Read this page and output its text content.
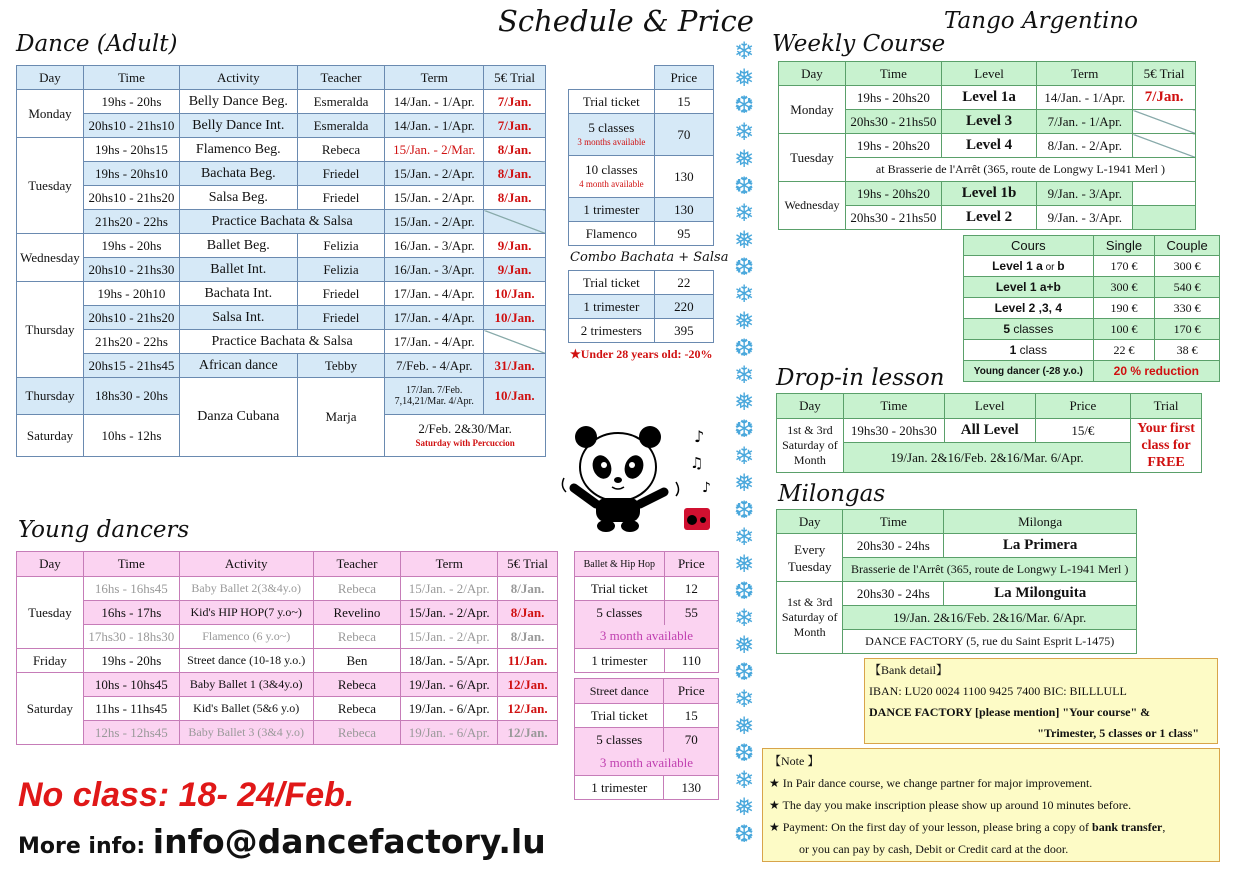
Schedule & Price	Tango Argentino
Dance (Adult)	Weekly Course
Drop-in lesson
Milongas
Young dancers
Day	Time	Activity	Teacher	Term	5€ Trial
Monday	19hs - 20hs	Belly Dance Beg.	Esmeralda	14/Jan. - 1/Apr.	7/Jan.
	20hs10 - 21hs10	Belly Dance Int.	Esmeralda	14/Jan. - 1/Apr.	7/Jan.
Tuesday	19hs - 20hs15	Flamenco Beg.	Rebeca	15/Jan. - 2/Mar.	8/Jan.
	19hs - 20hs10	Bachata Beg.	Friedel	15/Jan. - 2/Apr.	8/Jan.
	20hs10 - 21hs20	Salsa Beg.	Friedel	15/Jan. - 2/Apr.	8/Jan.
	21hs20 - 22hs	Practice Bachata & Salsa		15/Jan. - 2/Apr.	
Wednesday	19hs - 20hs	Ballet Beg.	Felizia	16/Jan. - 3/Apr.	9/Jan.
	20hs10 - 21hs30	Ballet Int.	Felizia	16/Jan. - 3/Apr.	9/Jan.
Thursday	19hs - 20h10	Bachata Int.	Friedel	17/Jan. - 4/Apr.	10/Jan.
	20hs10 - 21hs20	Salsa Int.	Friedel	17/Jan. - 4/Apr.	10/Jan.
	21hs20 - 22hs	Practice Bachata & Salsa		17/Jan. - 4/Apr.	
	20hs15 - 21hs45	African dance	Tebby	7/Feb. - 4/Apr.	31/Jan.
Thursday	18hs30 - 20hs	Danza Cubana	Marja	17/Jan. 7/Feb. 7,14,21/Mar. 4/Apr.	10/Jan.
Saturday	10hs - 12hs			2/Feb. 2&30/Mar.
Saturday with Percuccion	
	Price
Trial ticket	15

5 classes
3 months available	70

10 classes
4 month available	130
1 trimester	130
Flamenco	95
Combo Bachata + Salsa
Trial ticket	22
1 trimester	220
2 trimesters	395
★Under 28 years old: -20%
❄
❅
❆
❄
❅
❆
❄
❅
❆
❄
❅
❆
❄
❅
❆
❄
❅
❆
❄
❅
❆
❄
❅
❆
❄
❅
❆
❄
❅
❆
♪
♫
♪
Day	Time	Level	Term	5€ Trial
Monday	19hs - 20hs20	Level 1a	14/Jan. - 1/Apr.	7/Jan.
	20hs30 - 21hs50	Level 3	7/Jan. - 1/Apr.	
Tuesday	19hs - 20hs20	Level 4	8/Jan. - 2/Apr.	
	at Brasserie de l'Arrêt (365, route de Longwy L-1941 Merl )			
Wednesday	19hs - 20hs20	Level 1b	9/Jan. - 3/Apr.	
	20hs30 - 21hs50	Level 2	9/Jan. - 3/Apr.	
Cours	Single	Couple
Level 1 a or b	170 €	300 €
Level 1 a+b	300 €	540 €
Level 2 ,3, 4	190 €	330 €
5 classes	100 €	170 €
1 class	22 €	38 €
Young dancer (-28 y.o.)	20 % reduction	
Day	Time	Level	Price	Trial
1st & 3rd Saturday of Month	19hs30 - 20hs30	All Level	15/€	Your first class for FREE
	19/Jan. 2&16/Feb. 2&16/Mar. 6/Apr.			
Day	Time	Milonga
Every Tuesday	20hs30 - 24hs	La Primera
	Brasserie de l'Arrêt (365, route de Longwy L-1941 Merl )	
1st & 3rd Saturday of Month	20hs30 - 24hs	La Milonguita
	19/Jan. 2&16/Feb. 2&16/Mar. 6/Apr.	
	DANCE FACTORY (5, rue du Saint Esprit L-1475)	
【Bank detail】
IBAN: LU20 0024 1100 9425 7400 BIC: BILLLULL
DANCE FACTORY [please mention] "Your course" &
"Trimester, 5 classes or 1 class"
【Note 】
★ In Pair dance course, we change partner for major improvement.
★ The day you make inscription please show up around 10 minutes before.
★ Payment: On the first day of your lesson, please bring a copy of bank transfer,
or you can pay by cash, Debit or Credit card at the door.
Day	Time	Activity	Teacher	Term	5€ Trial
Tuesday	16hs - 16hs45	Baby Ballet 2(3&4y.o)	Rebeca	15/Jan. - 2/Apr.	8/Jan.
	16hs - 17hs	Kid's HIP HOP(7 y.o~)	Revelino	15/Jan. - 2/Apr.	8/Jan.
	17hs30 - 18hs30	Flamenco (6 y.o~)	Rebeca	15/Jan. - 2/Apr.	8/Jan.
Friday	19hs - 20hs	Street dance (10-18 y.o.)	Ben	18/Jan. - 5/Apr.	11/Jan.
Saturday	10hs - 10hs45	Baby Ballet 1 (3&4y.o)	Rebeca	19/Jan. - 6/Apr.	12/Jan.
	11hs - 11hs45	Kid's Ballet (5&6 y.o)	Rebeca	19/Jan. - 6/Apr.	12/Jan.
	12hs - 12hs45	Baby Ballet 3 (3&4 y.o)	Rebeca	19/Jan. - 6/Apr.	12/Jan.
Ballet & Hip Hop	Price
Trial ticket	12
5 classes	55
3 month available	
1 trimester	110
Street dance	Price
Trial ticket	15
5 classes	70
3 month available	
1 trimester	130
No class: 18- 24/Feb.
More info: info@dancefactory.lu
